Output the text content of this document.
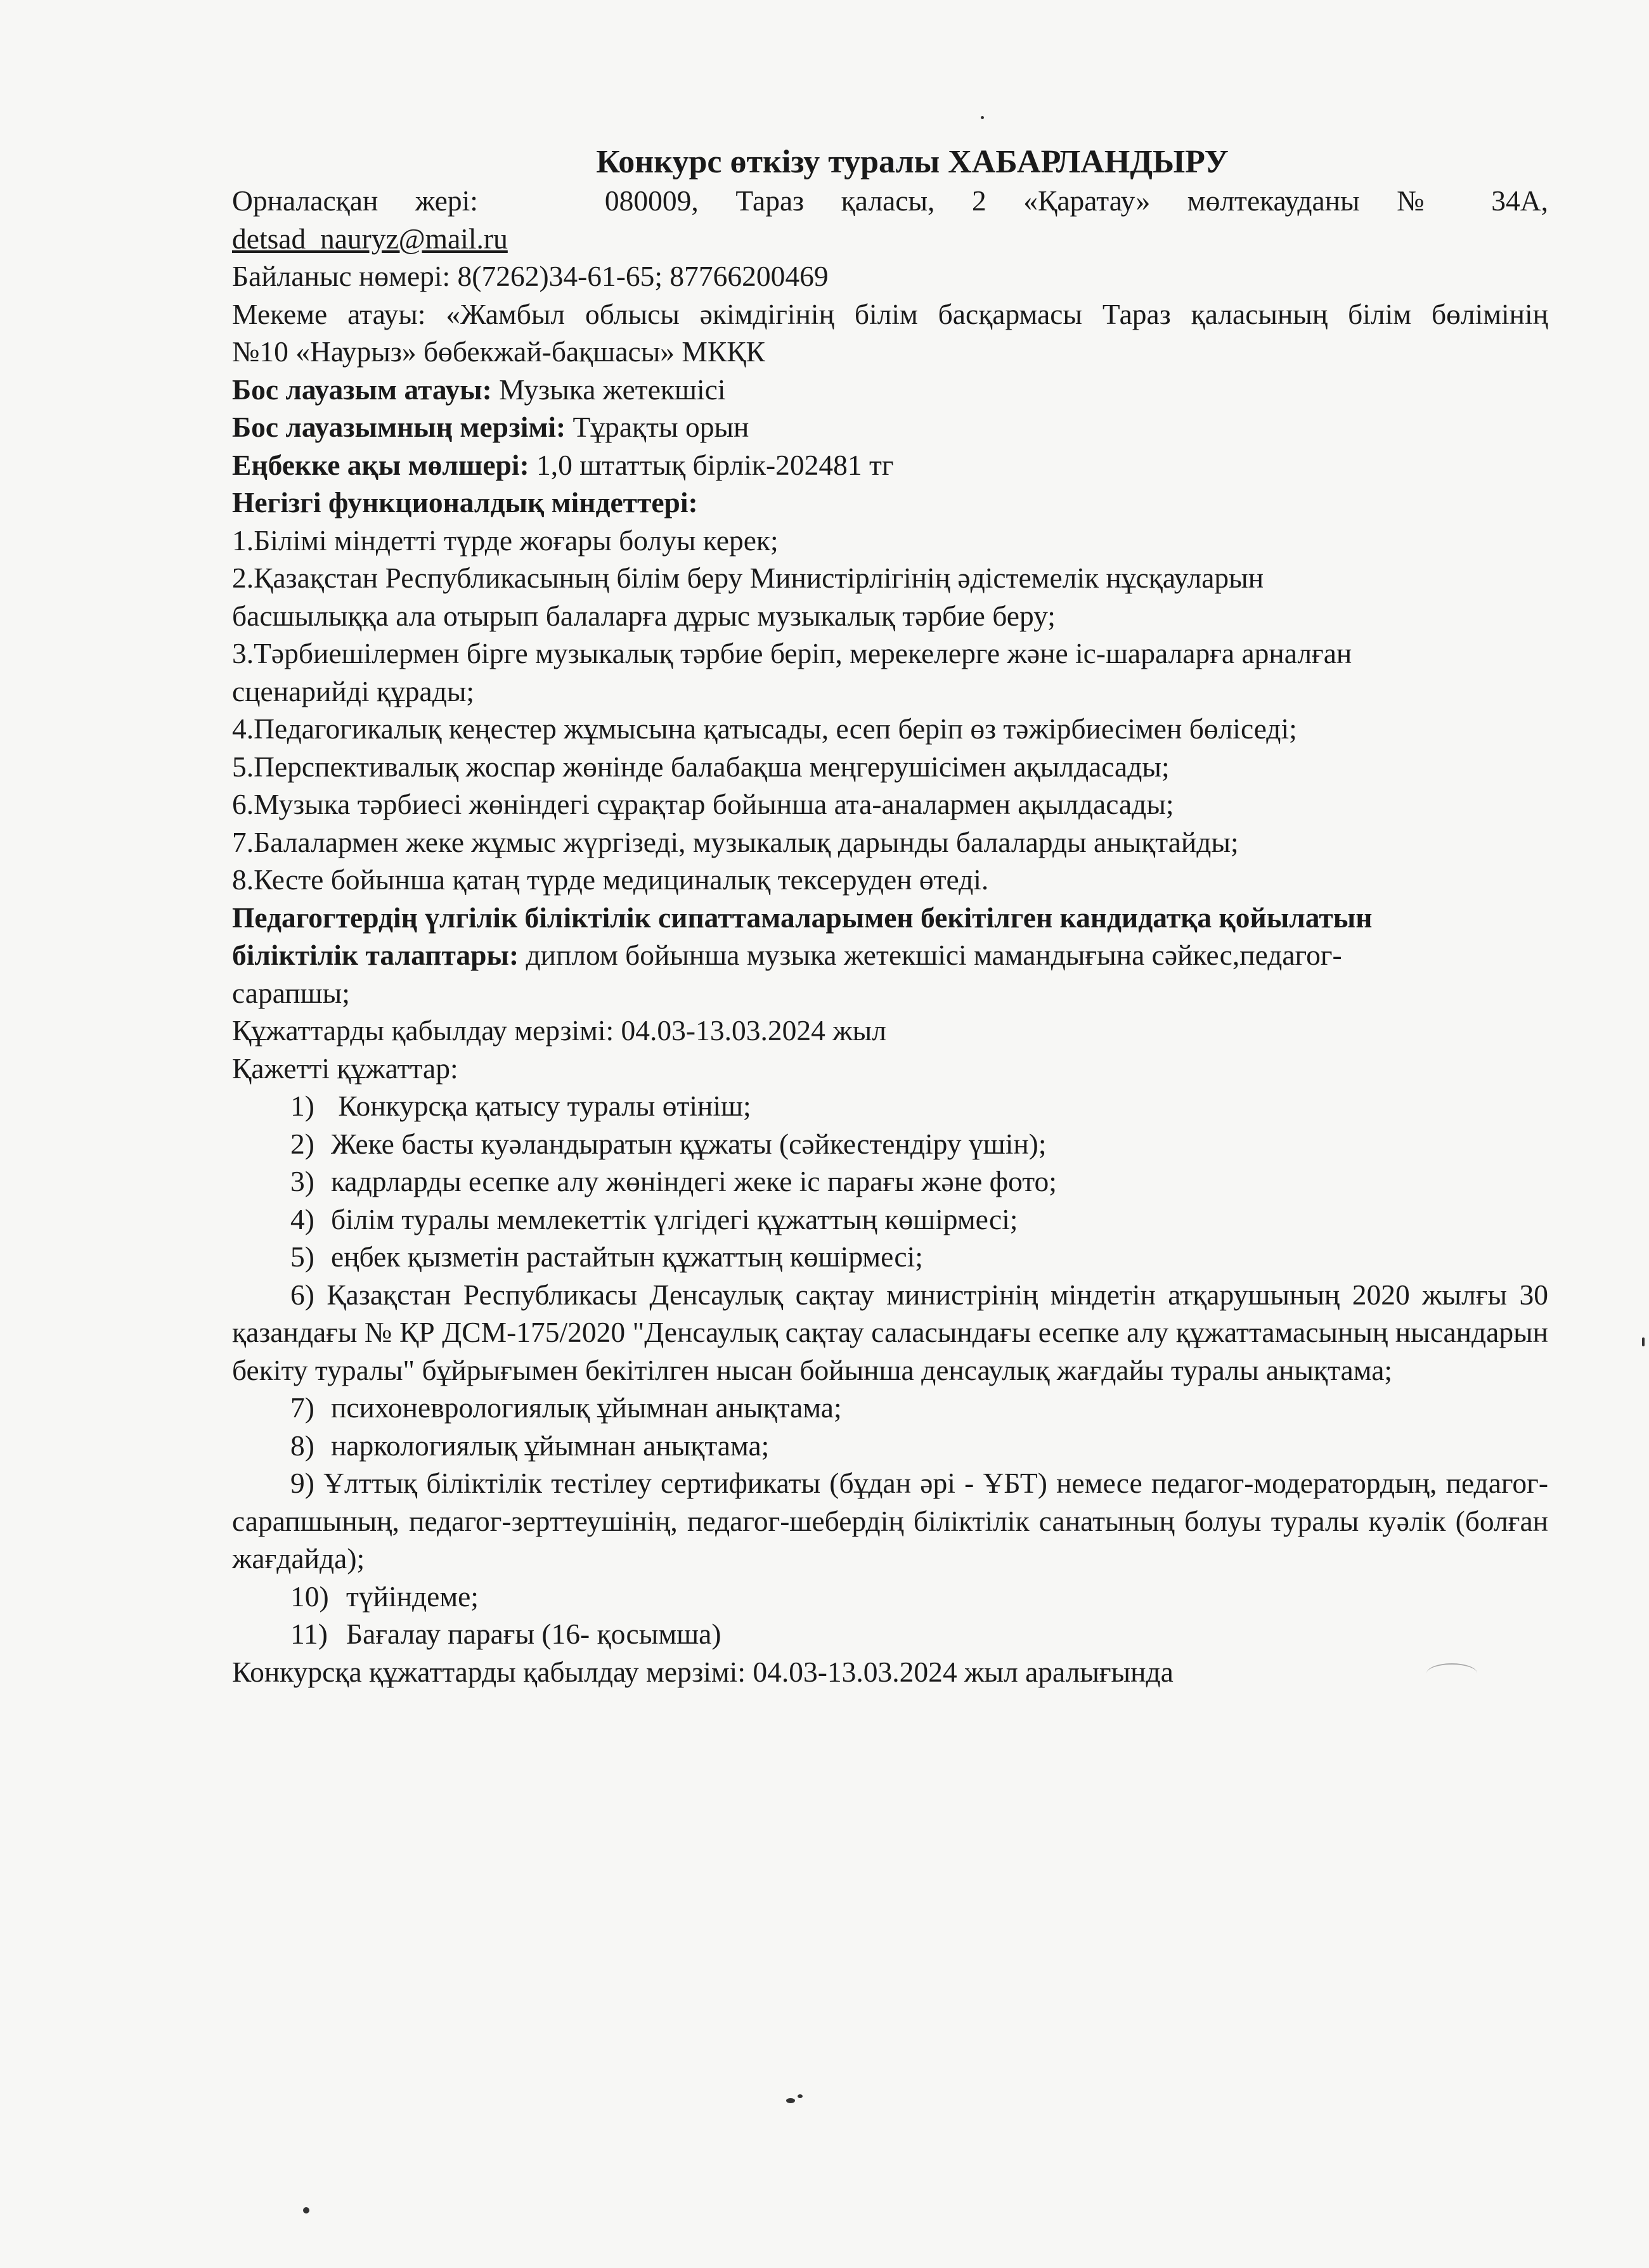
Конкурс өткізу туралы ХАБАРЛАНДЫРУ
Орналасқан жері:	080009, Тараз қаласы, 2 «Қаратау» мөлтекауданы № 34А,
detsad_nauryz@mail.ru
Байланыс нөмері: 8(7262)34-61-65; 87766200469
Мекеме атауы: «Жамбыл облысы әкімдігінің білім басқармасы Тараз қаласының білім бөлімінің
№10 «Наурыз» бөбекжай-бақшасы» МКҚК
Бос лауазым атауы: Музыка жетекшісі
Бос лауазымның мерзімі: Тұрақты орын
Еңбекке ақы мөлшері: 1,0 штаттық бірлік-202481 тг
Негізгі функционалдық міндеттері:
1.Білімі міндетті түрде жоғары болуы керек;
2.Қазақстан Республикасының білім беру Министірлігінің әдістемелік нұсқауларын
басшылыққа ала отырып балаларға дұрыс музыкалық тәрбие беру;
3.Тәрбиешілермен бірге музыкалық тәрбие беріп, мерекелерге және іс-шараларға арналған
сценарийді құрады;
4.Педагогикалық кеңестер жұмысына қатысады, есеп беріп өз тәжірбиесімен бөліседі;
5.Перспективалық жоспар жөнінде балабақша меңгерушісімен ақылдасады;
6.Музыка тәрбиесі жөніндегі сұрақтар бойынша ата-аналармен ақылдасады;
7.Балалармен жеке жұмыс жүргізеді, музыкалық дарынды балаларды анықтайды;
8.Кесте бойынша қатаң түрде медициналық тексеруден өтеді.
Педагогтердің үлгілік біліктілік сипаттамаларымен бекітілген кандидатқа қойылатын
біліктілік талаптары: диплом бойынша музыка жетекшісі мамандығына сәйкес,педагог-
сарапшы;
Құжаттарды қабылдау мерзімі: 04.03-13.03.2024 жыл
Қажетті құжаттар:
1) Конкурсқа қатысу туралы өтініш;
2) Жеке басты куәландыратын құжаты (сәйкестендіру үшін);
3) кадрларды есепке алу жөніндегі жеке іс парағы және фото;
4) білім туралы мемлекеттік үлгідегі құжаттың көшірмесі;
5) еңбек қызметін растайтын құжаттың көшірмесі;
6) Қазақстан Республикасы Денсаулық сақтау министрінің міндетін атқарушының 2020 жылғы 30 қазандағы № ҚР ДСМ-175/2020 "Денсаулық сақтау саласындағы есепке алу құжаттамасының нысандарын бекіту туралы" бұйрығымен бекітілген нысан бойынша денсаулық жағдайы туралы анықтама;
7) психоневрологиялық ұйымнан анықтама;
8) наркологиялық ұйымнан анықтама;
9) Ұлттық біліктілік тестілеу сертификаты (бұдан әрі - ҰБТ) немесе педагог-модератордың, педагог-сарапшының, педагог-зерттеушінің, педагог-шебердің біліктілік санатының болуы туралы куәлік (болған жағдайда);
10) түйіндеме;
11) Бағалау парағы (16- қосымша)
Конкурсқа құжаттарды қабылдау мерзімі: 04.03-13.03.2024 жыл аралығында
